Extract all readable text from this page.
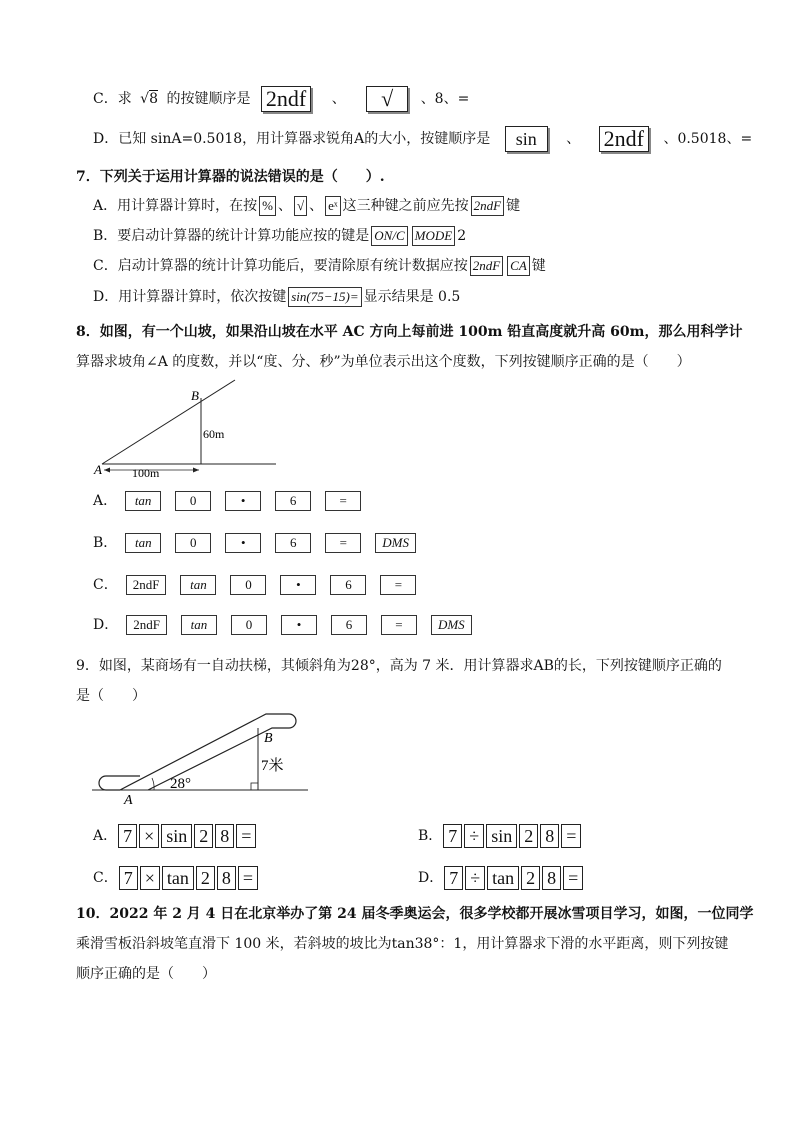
C．求 √8 的按键顺序是 2ndf 、 √ 、8、=
D．已知 sinA=0.5018，用计算器求锐角A的大小，按键顺序是 sin 、 2ndf 、0.5018、=
7．下列关于运用计算器的说法错误的是（　　）.
A．用计算器计算时，在按 % 、 √ 、 eˣ 这三种键之前应先按 2ndF 键
B．要启动计算器的统计计算功能应按的键是 ON/C MODE 2
C．启动计算器的统计计算功能后，要清除原有统计数据应按 2ndF CA 键
D．用计算器计算时，依次按键 sin(75−15)= 显示结果是 0.5
8．如图，有一个山坡，如果沿山坡在水平 AC 方向上每前进 100m 铅直高度就升高 60m，那么用科学计
算器求坡角∠A 的度数，并以“度、分、秒”为单位表示出这个度数，下列按键顺序正确的是（　　）
A
B
60m
100m
A． tan	0	•	6	=
B． tan	0	•	6	=	DMS
C． 2ndF tan	0	•	6	=
D． 2ndF tan	0	•	6	=	DMS
9．如图，某商场有一自动扶梯，其倾斜角为28°，高为 7 米．用计算器求AB的长，下列按键顺序正确的
是（　　）
A
B
28°
7米
A． 7 × sin 2 8 =	B． 7 ÷ sin 2 8 =
C． 7 × tan 2 8 =	D． 7 ÷ tan 2 8 =
10．2022 年 2 月 4 日在北京举办了第 24 届冬季奥运会，很多学校都开展冰雪项目学习，如图，一位同学
乘滑雪板沿斜坡笔直滑下 100 米，若斜坡的坡比为tan38°：1，用计算器求下滑的水平距离，则下列按键
顺序正确的是（　　）
